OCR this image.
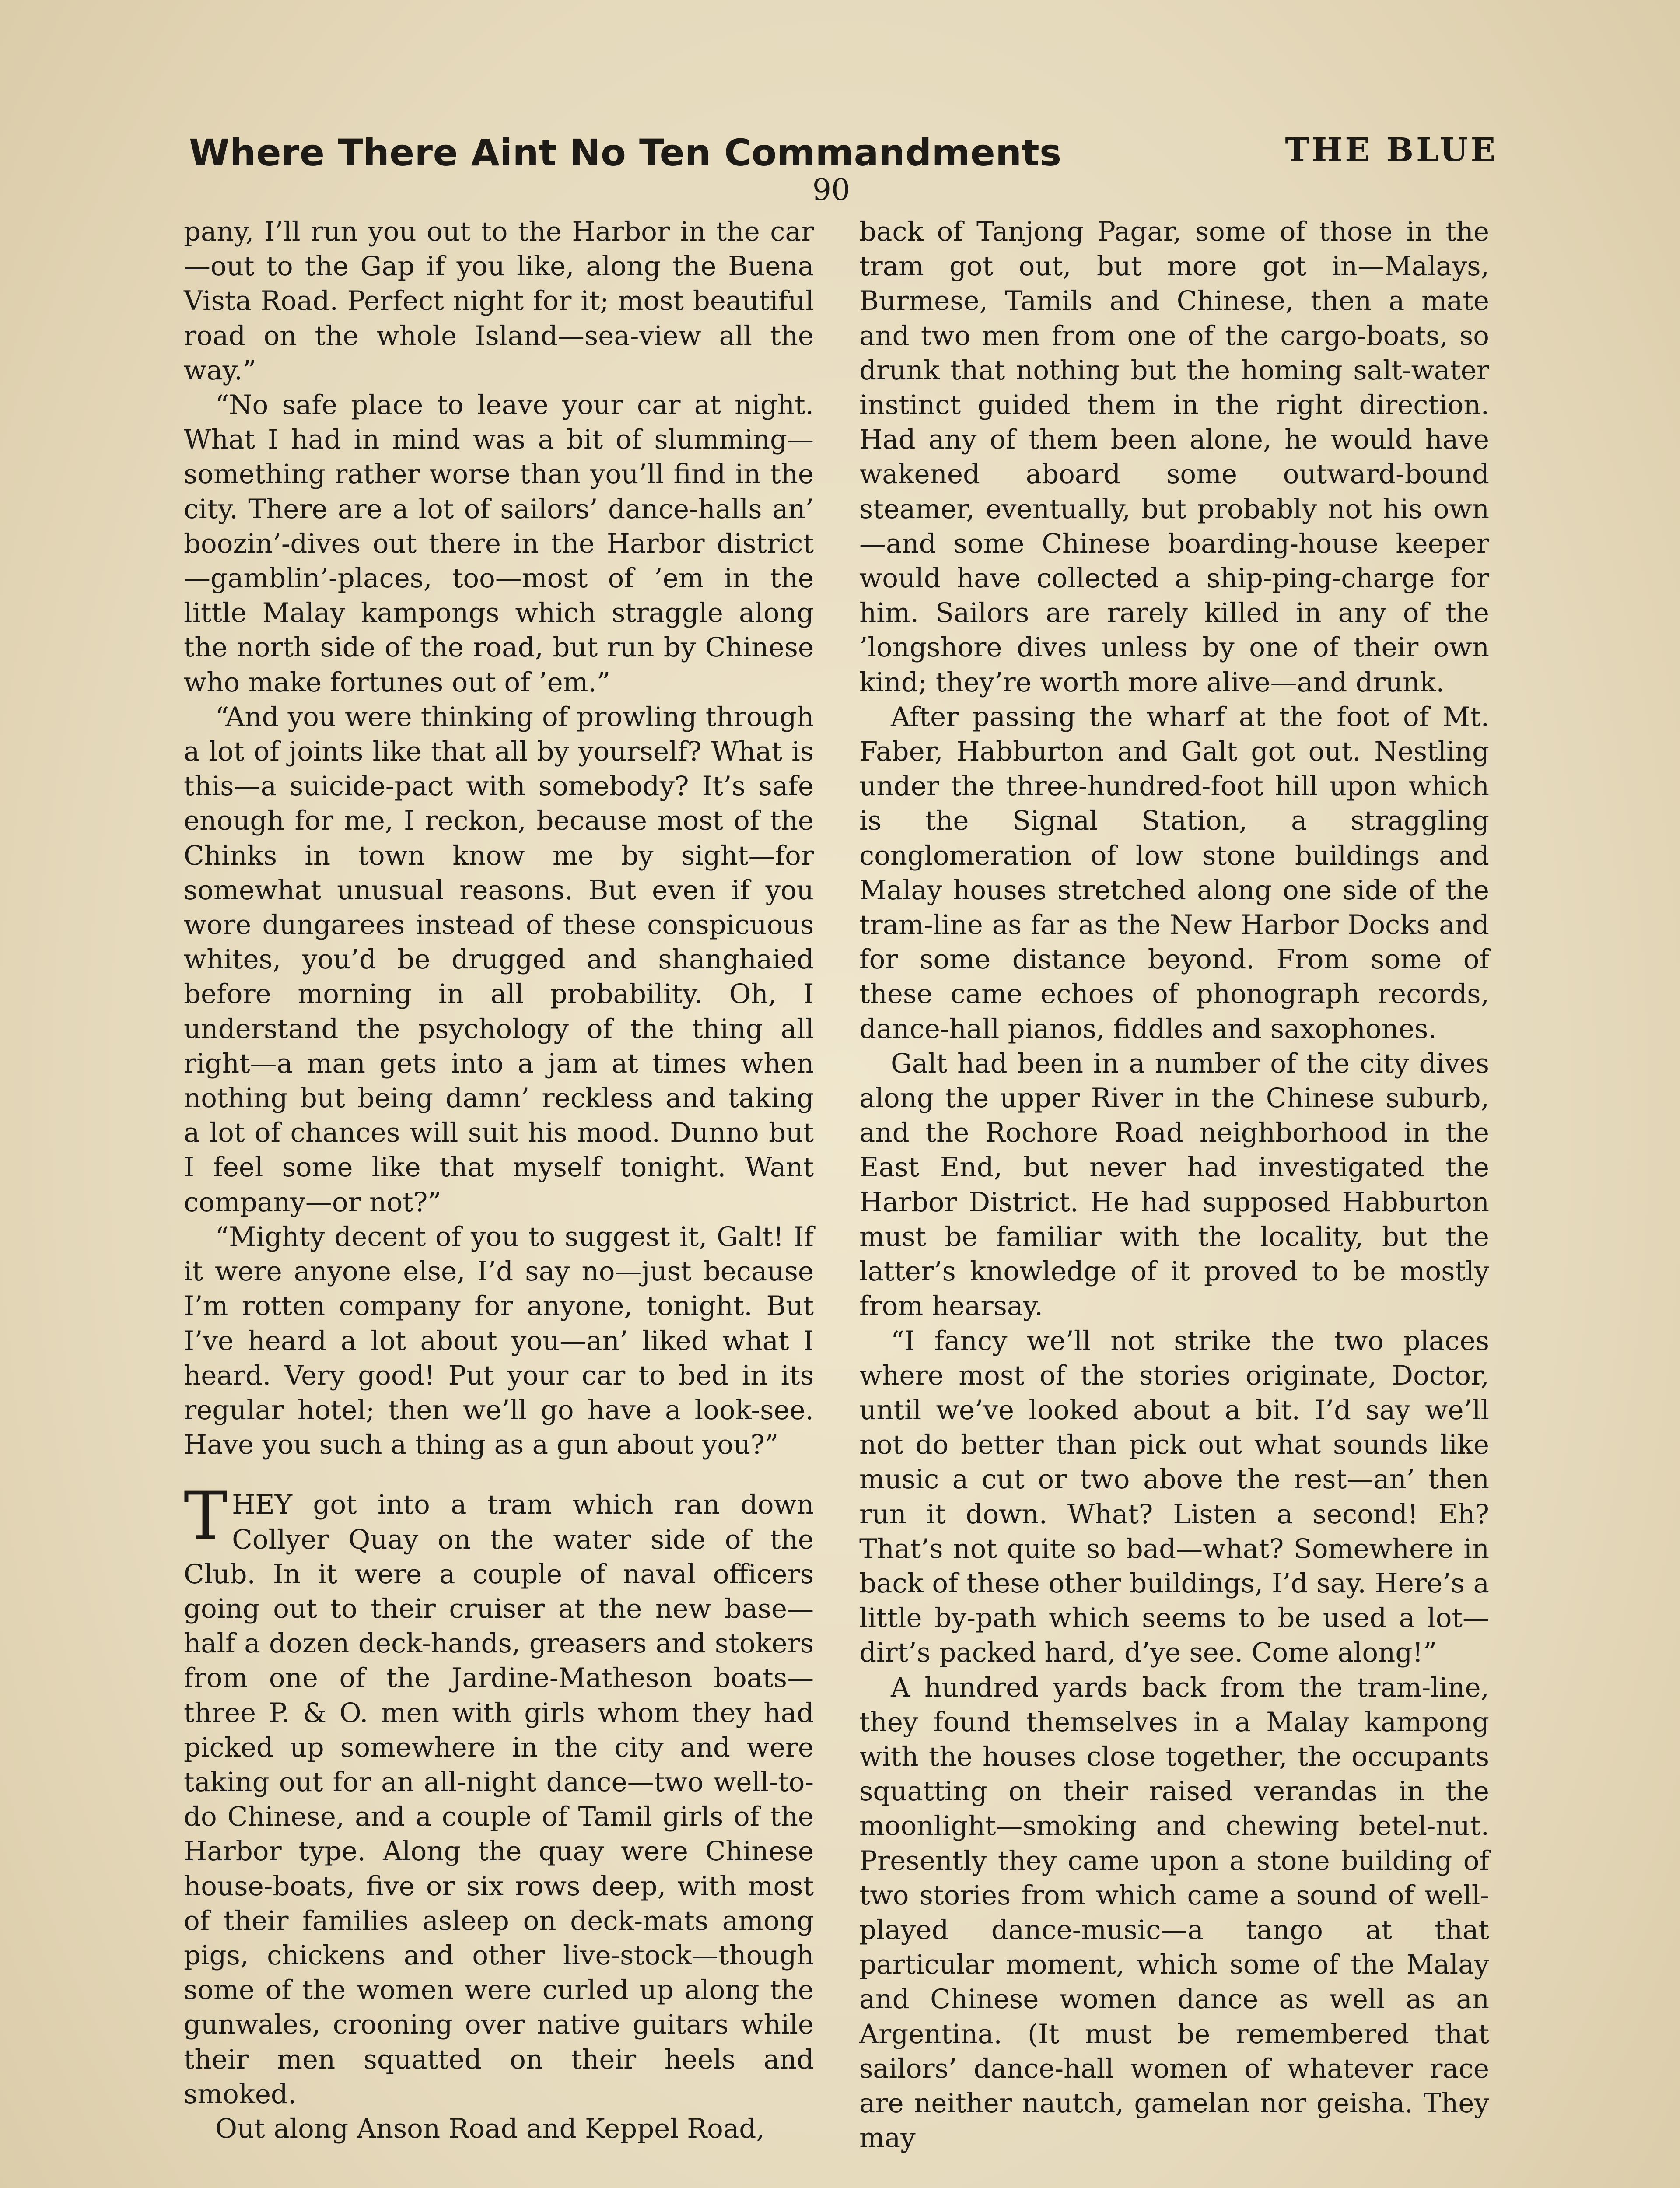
Where There Aint No Ten Commandments	THE BLUE
90

pany, I’ll run you out to the Harbor in the car—out to the Gap if you like, along the Buena Vista Road. Perfect night for it; most beautiful road on the whole Island—sea-view all the way.”

“No safe place to leave your car at night. What I had in mind was a bit of slumming—something rather worse than you’ll find in the city. There are a lot of sailors’ dance-halls an’ boozin’-dives out there in the Harbor district—gamblin’-places, too—most of ’em in the little Malay kampongs which straggle along the north side of the road, but run by Chinese who make fortunes out of ’em.”

“And you were thinking of prowling through a lot of joints like that all by yourself? What is this—a suicide-pact with somebody? It’s safe enough for me, I reckon, because most of the Chinks in town know me by sight—for somewhat unusual reasons. But even if you wore dungarees instead of these conspicuous whites, you’d be drugged and shanghaied before morning in all probability. Oh, I understand the psychology of the thing all right—a man gets into a jam at times when nothing but being damn’ reckless and taking a lot of chances will suit his mood. Dunno but I feel some like that myself tonight. Want company—or not?”

“Mighty decent of you to suggest it, Galt! If it were anyone else, I’d say no—just because I’m rotten company for anyone, tonight. But I’ve heard a lot about you—an’ liked what I heard. Very good! Put your car to bed in its regular hotel; then we’ll go have a look-see. Have you such a thing as a gun about you?”

THEY got into a tram which ran down Collyer Quay on the water side of the Club. In it were a couple of naval officers going out to their cruiser at the new base—half a dozen deck-hands, greasers and stokers from one of the Jardine-Matheson boats—three P. & O. men with girls whom they had picked up somewhere in the city and were taking out for an all-night dance—two well-to-do Chinese, and a couple of Tamil girls of the Harbor type. Along the quay were Chinese house-boats, five or six rows deep, with most of their families asleep on deck-mats among pigs, chickens and other live-stock—though some of the women were curled up along the gunwales, crooning over native guitars while their men squatted on their heels and smoked.

Out along Anson Road and Keppel Road,

back of Tanjong Pagar, some of those in the tram got out, but more got in—Malays, Burmese, Tamils and Chinese, then a mate and two men from one of the cargo-boats, so drunk that nothing but the homing salt-water instinct guided them in the right direction. Had any of them been alone, he would have wakened aboard some outward-bound steamer, eventually, but probably not his own—and some Chinese boarding-house keeper would have collected a ship-ping-charge for him. Sailors are rarely killed in any of the ’longshore dives unless by one of their own kind; they’re worth more alive—and drunk.

After passing the wharf at the foot of Mt. Faber, Habburton and Galt got out. Nestling under the three-hundred-foot hill upon which is the Signal Station, a straggling conglomeration of low stone buildings and Malay houses stretched along one side of the tram-line as far as the New Harbor Docks and for some distance beyond. From some of these came echoes of phonograph records, dance-hall pianos, fiddles and saxophones.

Galt had been in a number of the city dives along the upper River in the Chinese suburb, and the Rochore Road neighborhood in the East End, but never had investigated the Harbor District. He had supposed Habburton must be familiar with the locality, but the latter’s knowledge of it proved to be mostly from hearsay.

“I fancy we’ll not strike the two places where most of the stories originate, Doctor, until we’ve looked about a bit. I’d say we’ll not do better than pick out what sounds like music a cut or two above the rest—an’ then run it down. What? Listen a second! Eh? That’s not quite so bad—what? Somewhere in back of these other buildings, I’d say. Here’s a little by-path which seems to be used a lot—dirt’s packed hard, d’ye see. Come along!”

A hundred yards back from the tram-line, they found themselves in a Malay kampong with the houses close together, the occupants squatting on their raised verandas in the moonlight—smoking and chewing betel-nut. Presently they came upon a stone building of two stories from which came a sound of well-played dance-music—a tango at that particular moment, which some of the Malay and Chinese women dance as well as an Argentina. (It must be remembered that sailors’ dance-hall women of whatever race are neither nautch, gamelan nor geisha. They may
